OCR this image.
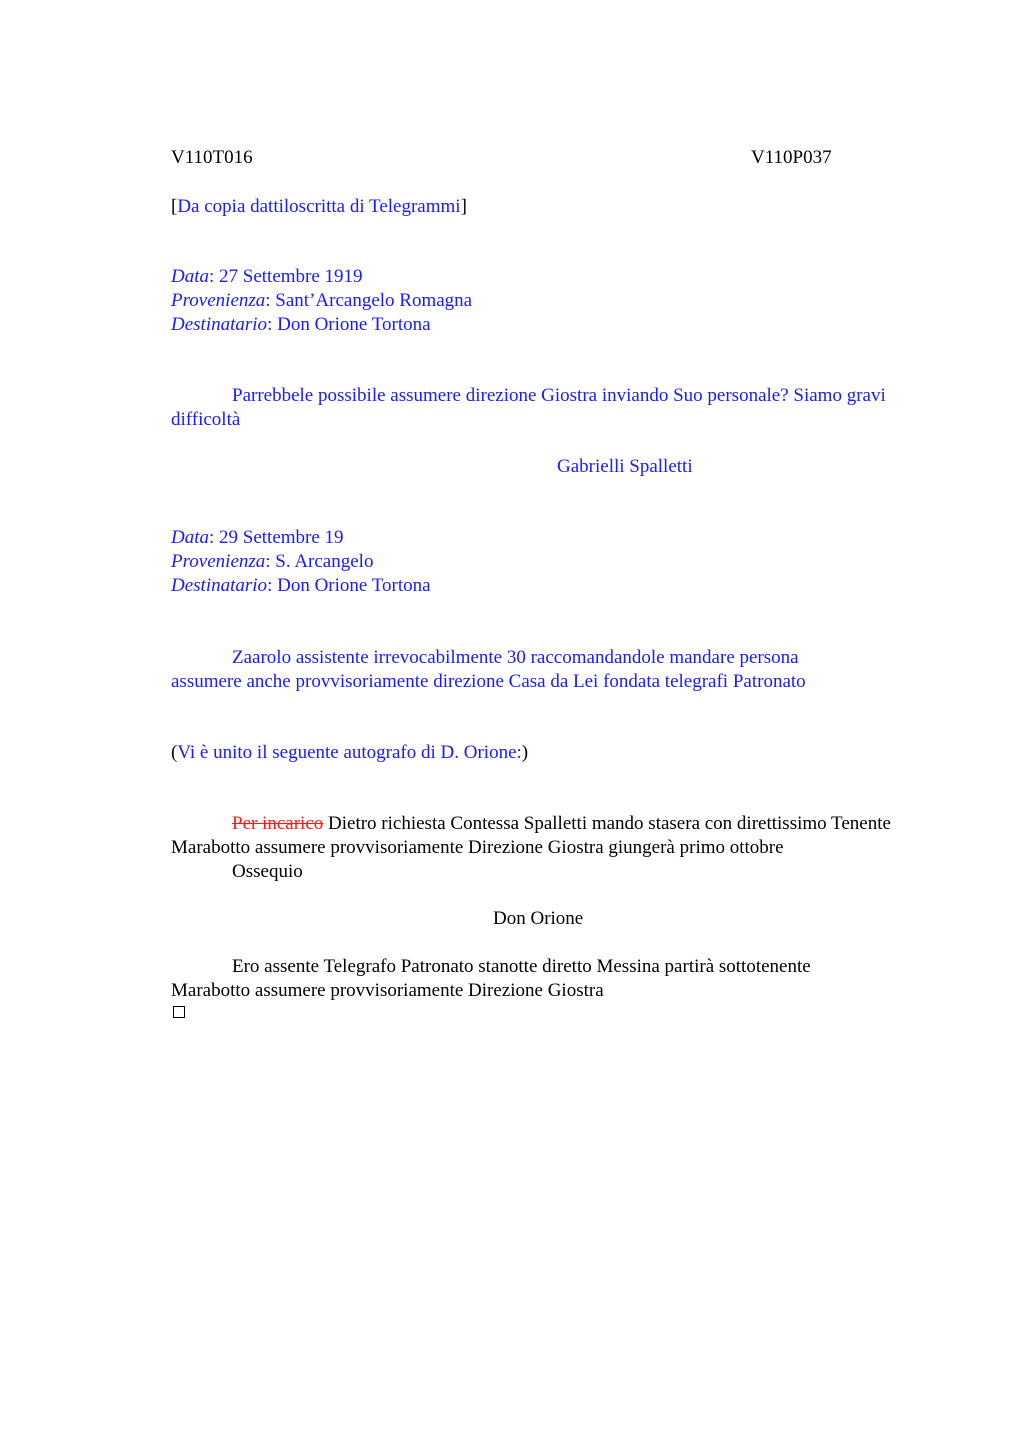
V110T016	V110P037
[Da copia dattiloscritta di Telegrammi]
Data: 27 Settembre 1919
Provenienza: Sant’Arcangelo Romagna
Destinatario: Don Orione Tortona
Parrebbele possibile assumere direzione Giostra inviando Suo personale? Siamo gravi difficoltà
Gabrielli Spalletti
Data: 29 Settembre 19
Provenienza: S. Arcangelo
Destinatario: Don Orione Tortona
Zaarolo assistente irrevocabilmente 30 raccomandandole mandare persona assumere anche provvisoriamente direzione Casa da Lei fondata telegrafi Patronato
(Vi è unito il seguente autografo di D. Orione:)
Per incarico Dietro richiesta Contessa Spalletti mando stasera con direttissimo Tenente Marabotto assumere provvisoriamente Direzione Giostra giungerà primo ottobre
Ossequio
Don Orione
Ero assente Telegrafo Patronato stanotte diretto Messina partirà sottotenente Marabotto assumere provvisoriamente Direzione Giostra
